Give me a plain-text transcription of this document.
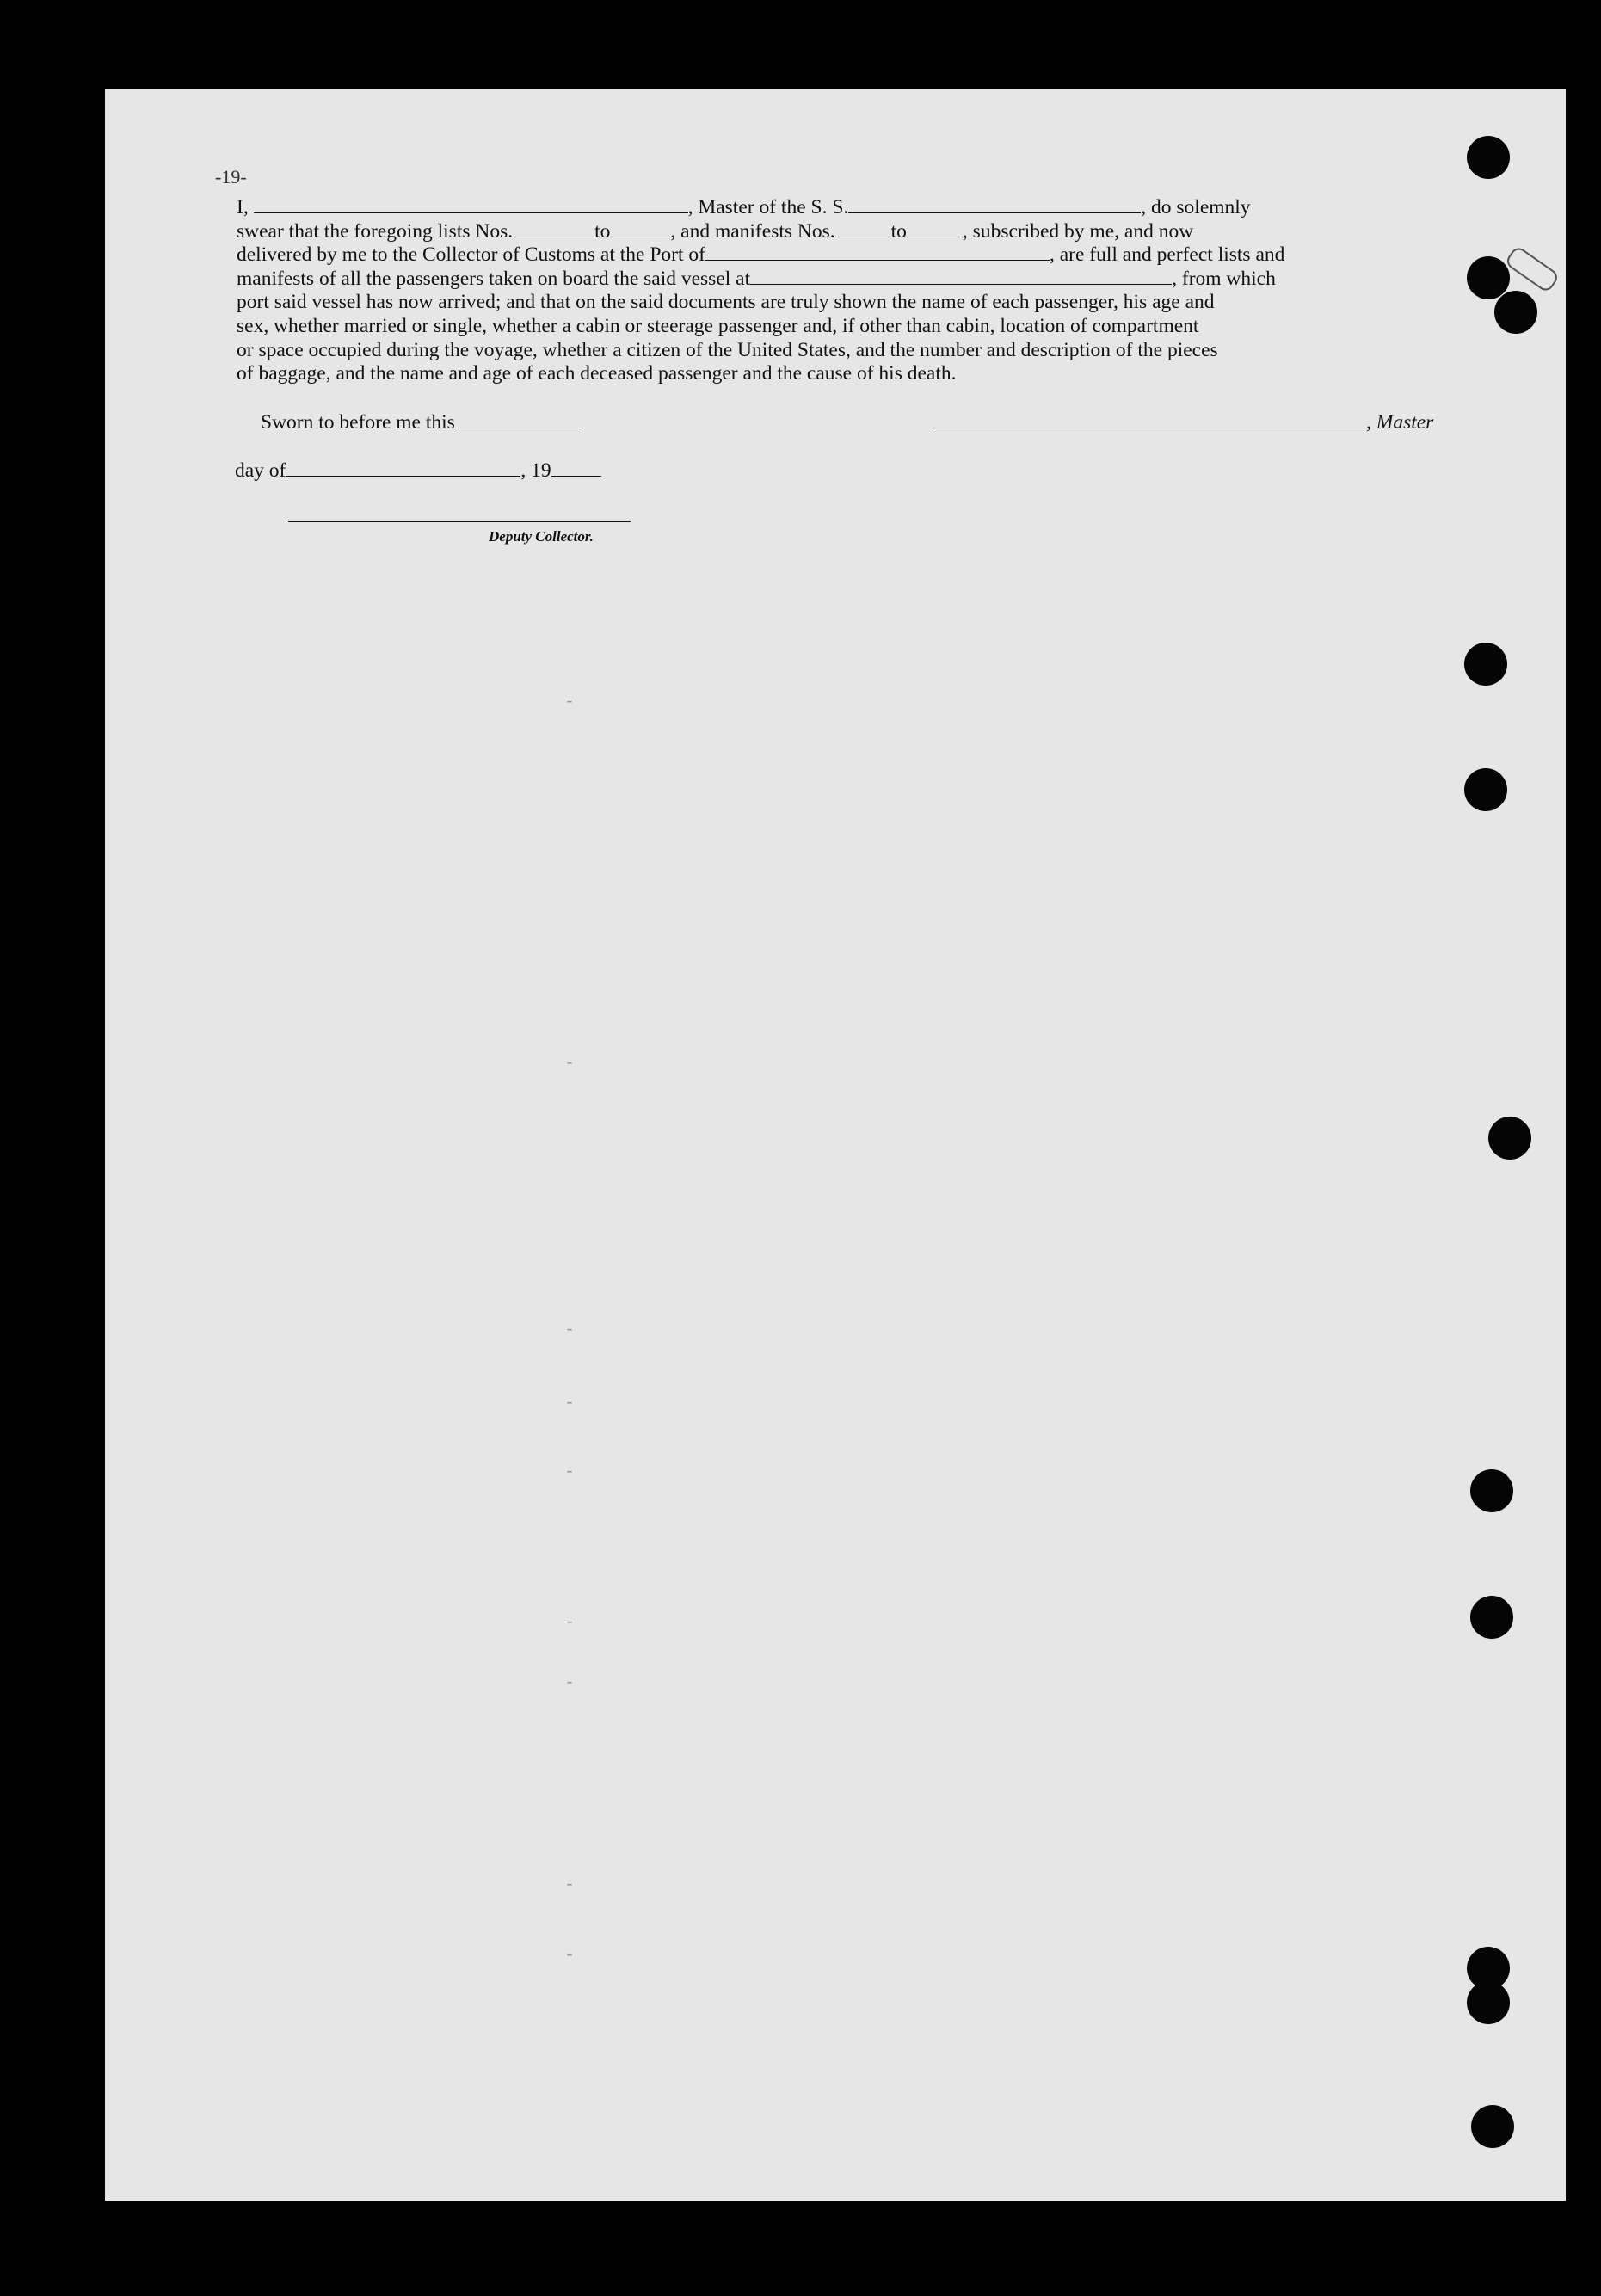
-19-
I,	, Master of the S. S.	, do solemnly
swear that the foregoing lists Nos.	to	, and manifests Nos.	to	, subscribed by me, and now
delivered by me to the Collector of Customs at the Port of	, are full and perfect lists and
manifests of all the passengers taken on board the said vessel at	, from which
port said vessel has now arrived; and that on the said documents are truly shown the name of each passenger, his age and
sex, whether married or single, whether a cabin or steerage passenger and, if other than cabin, location of compartment
or space occupied during the voyage, whether a citizen of the United States, and the number and description of the pieces
of baggage, and the name and age of each deceased passenger and the cause of his death.
Sworn to before me this	, Master
day of	, 19
Deputy Collector.
-
-
-
-
-
-
-
-
-
